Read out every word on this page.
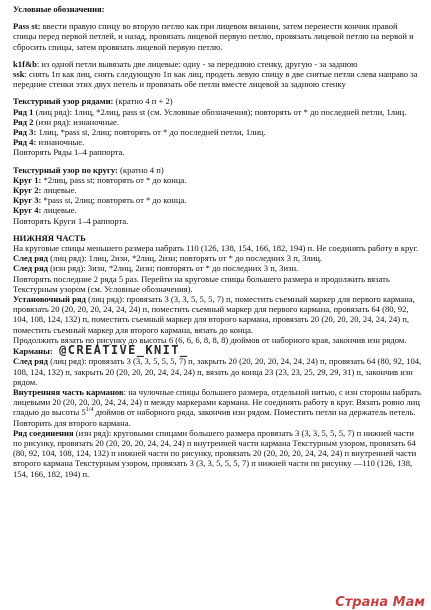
Условные обозначения:

Pass st: ввести правую спицу во вторую петлю как при лицевом вязании, затем перенести кончик правой спицы перед первой петлей, и назад, провязать лицевой первую петлю, провязать лицевой петлю на первой и сбросить спицы, затем провязать лицевой первую петлю.

k1f&b: из одной петли вывязать две лицевые: одну - за переднюю стенку, другую - за заднюю

ssk: снять 1п как лиц, снять следующую 1п как лиц, продеть левую спицу в две снятые петли слева направо за передние стенки этих двух петель и провязать обе петли вместе лицевой за заднюю стенку

Текстурный узор рядами: (кратно 4 п + 2)

Ряд 1 (лиц ряд): 1лиц, *2лиц, pass st (см. Условные обозначения); повторять от * до последней петли, 1лиц.

Ряд 2 (изн ряд): изнаночные.

Ряд 3: 1лиц, *pass st, 2лиц; повторять от * до последней петли, 1лиц.

Ряд 4: изнаночные.

Повторять Ряды 1–4 раппорта.

Текстурный узор по кругу: (кратно 4 п)

Круг 1: *2лиц, pass st; повторять от * до конца.

Круг 2: лицевые.

Круг 3: *pass st, 2лиц; повторять от * до конца.

Круг 4: лицевые.

Повторять Круги 1–4 раппорта.

НИЖНЯЯ ЧАСТЬ

На круговые спицы меньшего размера набрать 110 (126, 138, 154, 166, 182, 194) п. Не соединять работу в круг.

След ряд (лиц ряд): 1лиц, 2изн, *2лиц, 2изн; повторять от * до последних 3 п, 3лиц.

След ряд (изн ряд): 3изн, *2лиц, 2изн; повторять от * до последних 3 п, 3изн.

Повторять последние 2 ряда 5 раз. Перейти на круговые спицы большего размера и продолжить вязать Текстурным узором (см. Условные обозначения).

Установочный ряд (лиц ряд): провязать 3 (3, 3, 5, 5, 5, 7) п, поместить съемный маркер для первого кармана, провязать 20 (20, 20, 20, 24, 24, 24) п, поместить съемный маркер для первого кармана, провязать 64 (80, 92, 104, 108, 124, 132) п, поместить съемный маркер для второго кармана, провязать 20 (20, 20, 20, 24, 24, 24) п, поместить съемный маркер для второго кармана, вязать до конца.

Продолжить вязать по рисунку до высоты 6 (6, 6, 6, 8, 8, 8) дюймов от наборного края, закончив изн рядом.

Карманы: @CREATIVE_KNIT_

След ряд (лиц ряд): провязать 3 (3, 3, 5, 5, 5, 7) п, закрыть 20 (20, 20, 20, 24, 24, 24) п, провязать 64 (80, 92, 104, 108, 124, 132) п, закрыть 20 (20, 20, 20, 24, 24, 24) п, вязать до конца 23 (23, 23, 25, 29, 29, 31) п, закончив изн рядом.

Внутренняя часть карманов: на чулочные спицы большего размера, отдельной нитью, с изн стороны набрать лицевыми 20 (20, 20, 20, 24, 24, 24) п между маркерами кармана. Не соединять работу в круг. Вязать ровно лиц гладью до высоты $5^{1/4}$ дюймов от наборного ряда, закончив изн рядом. Поместить петли на держатель петель.

Повторить для второго кармана.

Ряд соединения (изн ряд): круговыми спицами большего размера провязать 3 (3, 3, 5, 5, 5, 7) п нижней части по рисунку, провязать 20 (20, 20, 20, 24, 24, 24) п внутренней части кармана Текстурным узором, провязать 64 (80, 92, 104, 108, 124, 132) п нижней части по рисунку, провязать 20 (20, 20, 20, 24, 24, 24) п внутренней части второго кармана Текстурным узором, провязать 3 (3, 3, 5, 5, 5, 7) п нижней части по рисунку —110 (126, 138, 154, 166, 182, 194) п.

Страна Мам
